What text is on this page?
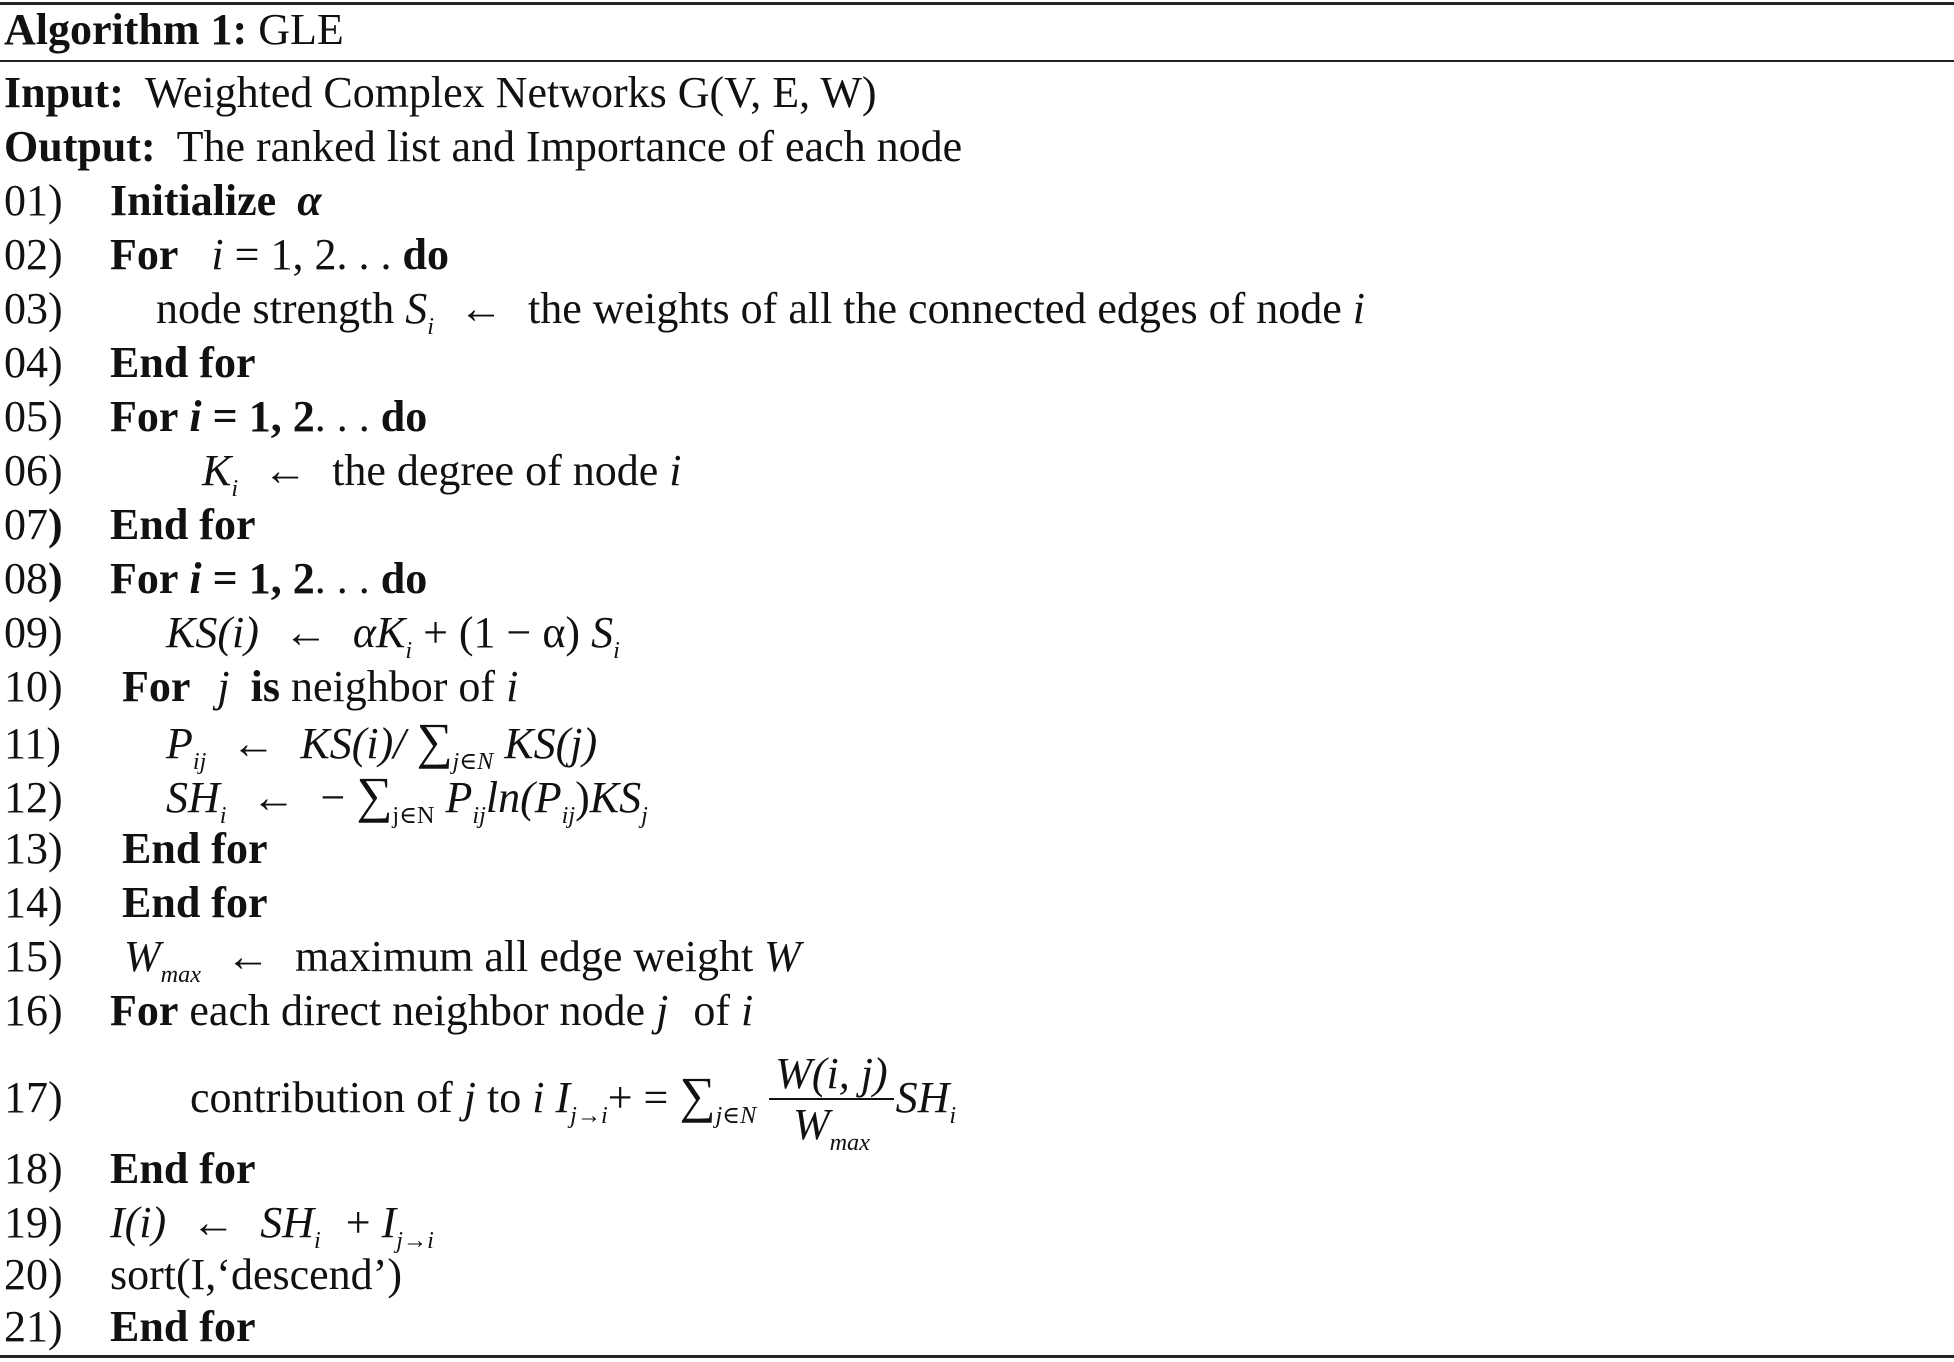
Algorithm 1: GLE
Input: Weighted Complex Networks G(V, E, W)
Output: The ranked list and Importance of each node
01) Initialize α
02) For i = 1, 2. . . do
03) node strength $S_i$ ← the weights of all the connected edges of node i
04) End for
05) For i = 1, 2. . . do
06)	$K_i$ ← the degree of node i
07) End for
08) For i = 1, 2. . . do
09) KS(i) ← $\alpha K_i + (1 - \alpha)$ $S_i$
10) For j is neighbor of i
11) $P_{ij}$ ← KS(i)/ $\sum_{j\in N}$ KS(j)
12) $SH_i$ ← − $\sum_{j\in N}$ $P_{ij}\ln(P_{ij})KS_j$
13) End for
14) End for
15) $W_{max}$ ← maximum all edge weight W
16) For each direct neighbor node j of i
17)	contribution of j to i $I_{j\to i}+ = \sum_{j\in N} \frac{W(i, j)}{W_{max}} SH_i$
18) End for
19) I(i) ← $SH_i + I_{j\to i}$
20) sort(I,‘descend’)
21) End for
